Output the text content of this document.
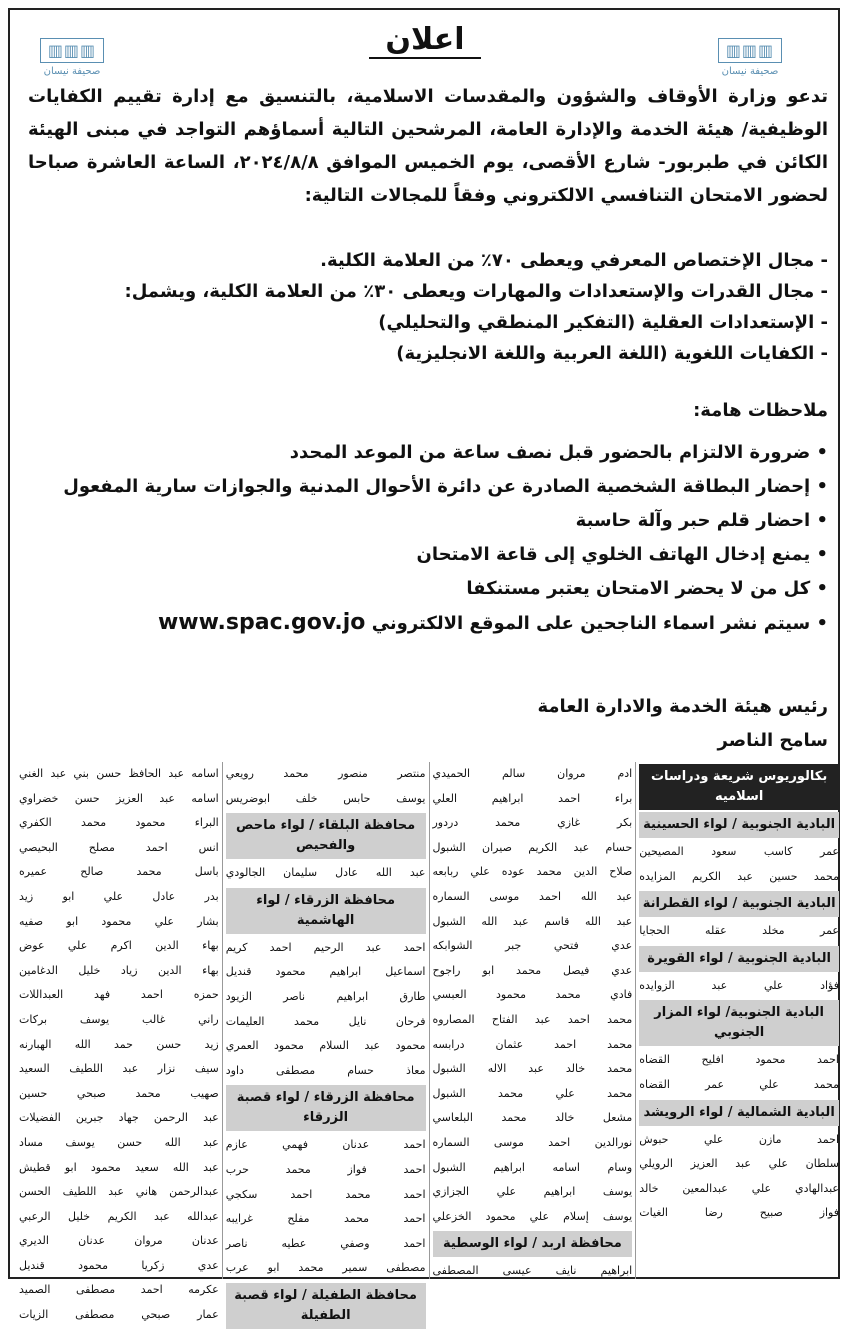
▥▥▥
صحيفة نيسان
▥▥▥
صحيفة نيسان
اعلان
تدعو وزارة الأوقاف والشؤون والمقدسات الاسلامية، بالتنسيق مع إدارة تقييم الكفايات الوظيفية/ هيئة الخدمة والإدارة العامة، المرشحين التالية أسماؤهم التواجد في مبنى الهيئة الكائن في طبربور- شارع الأقصى، يوم الخميس الموافق ٢٠٢٤/٨/٨، الساعة العاشرة صباحا لحضور الامتحان التنافسي الالكتروني وفقاً للمجالات التالية:
- مجال الإختصاص المعرفي ويعطى ٧٠٪ من العلامة الكلية.
- مجال القدرات والإستعدادات والمهارات ويعطى ٣٠٪ من العلامة الكلية، ويشمل:
- الإستعدادات العقلية (التفكير المنطقي والتحليلي)
- الكفايات اللغوية (اللغة العربية واللغة الانجليزية)
ملاحظات هامة:
• ضرورة الالتزام بالحضور قبل نصف ساعة من الموعد المحدد
• إحضار البطاقة الشخصية الصادرة عن دائرة الأحوال المدنية والجوازات سارية المفعول
• احضار قلم حبر وآلة حاسبة
• يمنع إدخال الهاتف الخلوي إلى قاعة الامتحان
• كل من لا يحضر الامتحان يعتبر مستنكفا
• سيتم نشر اسماء الناجحين على الموقع الالكتروني www.spac.gov.jo
رئيس هيئة الخدمة والادارة العامة
سامح الناصر
بكالوريوس شريعة ودراسات اسلاميه
البادية الجنوبية / لواء الحسينية
عمر كاسب سعود المصيحين
محمد حسين عبد الكريم المزايده
البادية الجنوبية / لواء القطرانة
عمر مخلد عقله الحجايا
البادية الجنوبية / لواء القويرة
فؤاد علي عبد الزوايده
البادية الجنوبية/ لواء المزار الجنوبي
احمد محمود افليح القضاه
محمد علي عمر القضاه
البادية الشمالية / لواء الرويشد
احمد مازن علي حبوش
سلطان علي عبد العزيز الرويلي
عبدالهادي علي عبدالمعين خالد
فواز صبيح رضا الغيات
ادم مروان سالم الحميدي
براء احمد ابراهيم العلي
بكر غازي محمد دردور
حسام عبد الكريم صيران الشبول
صلاح الدين محمد عوده علي ربابعه
عبد الله احمد موسى السماره
عبد الله قاسم عبد الله الشبول
عدي فتحي جبر الشوابكه
عدي فيصل محمد ابو راجوح
فادي محمد محمود العبسي
محمد احمد عبد الفتاح المصاروه
محمد احمد عثمان درابسه
محمد خالد عبد الاله الشبول
محمد علي محمد الشبول
مشعل خالد محمد البلعاسي
نورالدين احمد موسى السماره
وسام اسامه ابراهيم الشبول
يوسف ابراهيم علي الجزازي
يوسف إسلام علي محمود الخزعلي
محافظة اربد / لواء الوسطية
ابراهيم نايف عيسى المصطفى
منتصر منصور محمد رويعي
يوسف حابس خلف ابوضريس
محافظة البلقاء / لواء ماحص والفحيص
عبد الله عادل سليمان الجالودي
محافظة الزرقاء / لواء الهاشمية
احمد عبد الرحيم احمد كريم
اسماعيل ابراهيم محمود قنديل
طارق ابراهيم ناصر الزيود
فرحان نايل محمد العليمات
محمود عبد السلام محمود العمري
معاذ حسام مصطفى داود
محافظة الزرقاء / لواء قصبة الزرقاء
احمد عدنان فهمي عازم
احمد فواز محمد حرب
احمد محمد احمد سكجي
احمد محمد مفلح غرايبه
احمد وصفي عطيه ناصر
مصطفى سمير محمد ابو عرب
محافظة الطفيلة / لواء قصبة الطفيلة
اسامه عبد الحافظ حسن بني عبد الغني
اسامه عبد العزيز حسن خضراوي
البراء محمود محمد الكفري
انس احمد مصلح البحيصي
باسل محمد صالح عميره
بدر عادل علي ابو زيد
بشار علي محمود ابو صفيه
بهاء الدين اكرم علي عوض
بهاء الدين زياد خليل الدغامين
حمزه احمد فهد العبداللات
راني غالب يوسف بركات
زيد حسن حمد الله الهبارنه
سيف نزار عبد اللطيف السعيد
صهيب محمد صبحي حسين
عبد الرحمن جهاد جبرين الفضيلات
عبد الله حسن يوسف مساد
عبد الله سعيد محمود ابو قطيش
عبدالرحمن هاني عبد اللطيف الحسن
عبدالله عبد الكريم خليل الرعبي
عدنان مروان عدنان الديري
عدي زكريا محمود قنديل
عكرمه احمد مصطفى الصميد
عمار صبحي مصطفى الزيات
